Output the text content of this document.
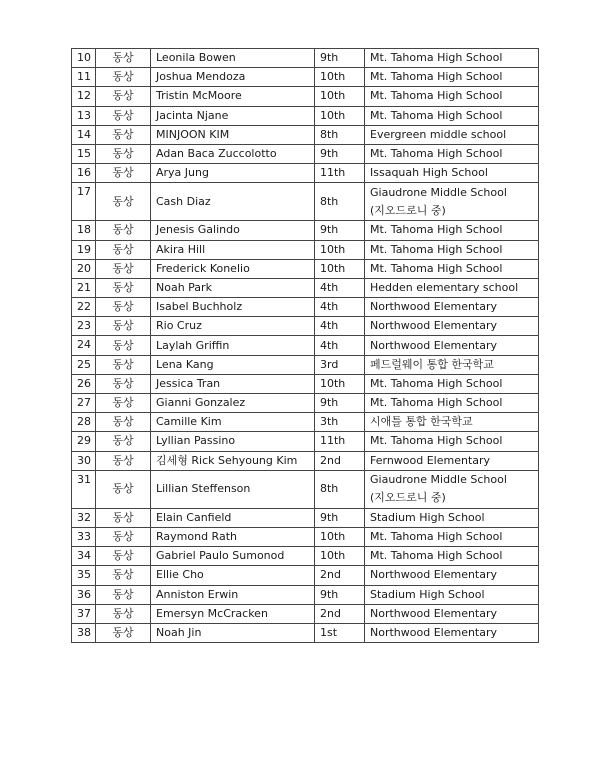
10	동상	Leonila Bowen	9th	Mt. Tahoma High School
11	동상	Joshua Mendoza	10th	Mt. Tahoma High School
12	동상	Tristin McMoore	10th	Mt. Tahoma High School
13	동상	Jacinta Njane	10th	Mt. Tahoma High School
14	동상	MINJOON KIM	8th	Evergreen middle school
15	동상	Adan Baca Zuccolotto	9th	Mt. Tahoma High School
16	동상	Arya Jung	11th	Issaquah High School
17	동상	Cash Diaz	8th	Giaudrone Middle School
(지오드로니 중)

18	동상	Jenesis Galindo	9th	Mt. Tahoma High School
19	동상	Akira Hill	10th	Mt. Tahoma High School
20	동상	Frederick Konelio	10th	Mt. Tahoma High School
21	동상	Noah Park	4th	Hedden elementary school
22	동상	Isabel Buchholz	4th	Northwood Elementary
23	동상	Rio Cruz	4th	Northwood Elementary
24	동상	Laylah Griffin	4th	Northwood Elementary
25	동상	Lena Kang	3rd	페드럴웨이 통합 한국학교
26	동상	Jessica Tran	10th	Mt. Tahoma High School
27	동상	Gianni Gonzalez	9th	Mt. Tahoma High School
28	동상	Camille Kim	3th	시애틀 통합 한국학교
29	동상	Lyllian Passino	11th	Mt. Tahoma High School
30	동상	김세형 Rick Sehyoung Kim	2nd	Fernwood Elementary
31	동상	Lillian Steffenson	8th	Giaudrone Middle School
(지오드로니 중)

32	동상	Elain Canfield	9th	Stadium High School
33	동상	Raymond Rath	10th	Mt. Tahoma High School
34	동상	Gabriel Paulo Sumonod	10th	Mt. Tahoma High School
35	동상	Ellie Cho	2nd	Northwood Elementary
36	동상	Anniston Erwin	9th	Stadium High School
37	동상	Emersyn McCracken	2nd	Northwood Elementary
38	동상	Noah Jin	1st	Northwood Elementary
